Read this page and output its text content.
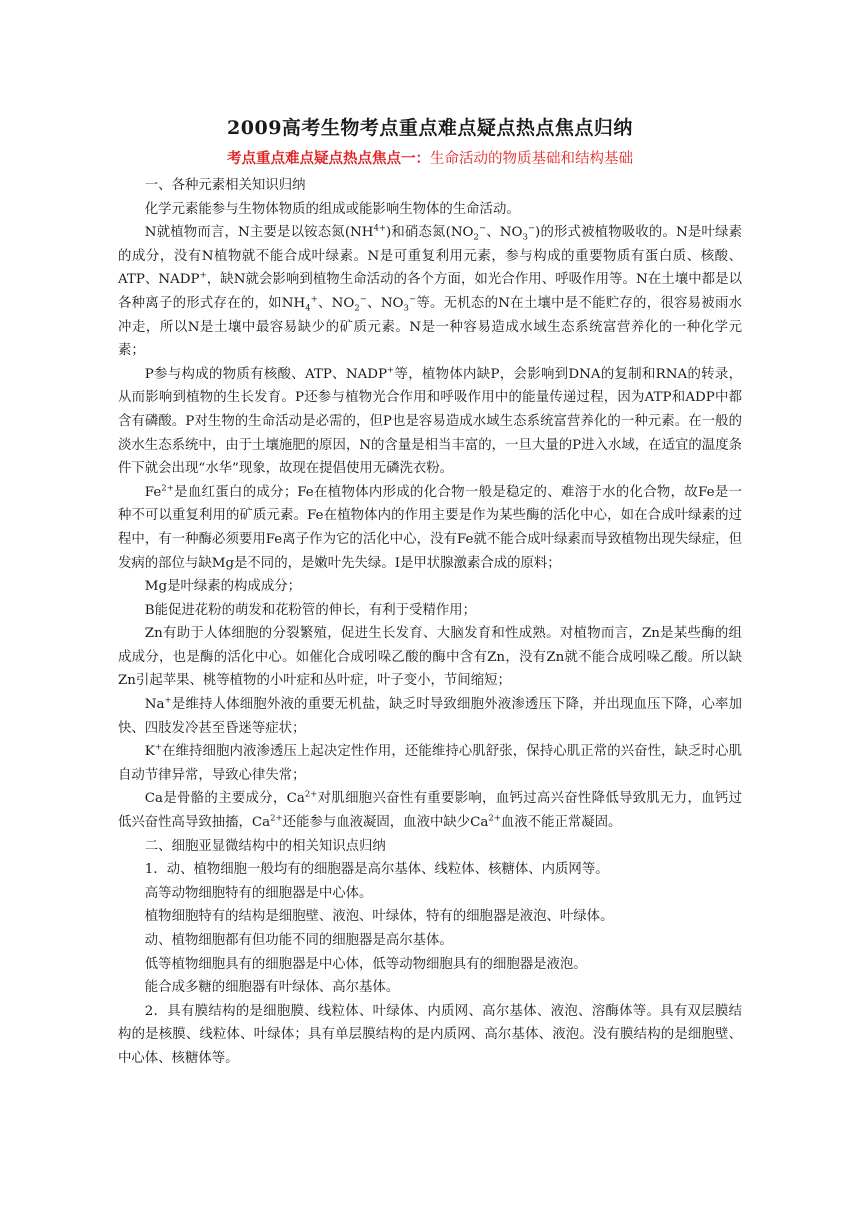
2009高考生物考点重点难点疑点热点焦点归纳
考点重点难点疑点热点焦点一：生命活动的物质基础和结构基础

一、各种元素相关知识归纳

化学元素能参与生物体物质的组成或能影响生物体的生命活动。

N就植物而言，N主要是以铵态氮$(NH^{4+})$和硝态氮($NO_2^-$、$NO_3^-$)的形式被植物吸收的。N是叶绿素的成分，没有N植物就不能合成叶绿素。N是可重复利用元素，参与构成的重要物质有蛋白质、核酸、ATP、NADP+，缺N就会影响到植物生命活动的各个方面，如光合作用、呼吸作用等。N在土壤中都是以各种离子的形式存在的，如$NH_4^+$、$NO_2^-$、$NO_3^-$等。无机态的N在土壤中是不能贮存的，很容易被雨水冲走，所以N是土壤中最容易缺少的矿质元素。N是一种容易造成水域生态系统富营养化的一种化学元素；

P参与构成的物质有核酸、ATP、NADP+等，植物体内缺P，会影响到DNA的复制和RNA的转录，从而影响到植物的生长发育。P还参与植物光合作用和呼吸作用中的能量传递过程，因为ATP和ADP中都含有磷酸。P对生物的生命活动是必需的，但P也是容易造成水域生态系统富营养化的一种元素。在一般的淡水生态系统中，由于土壤施肥的原因，N的含量是相当丰富的，一旦大量的P进入水域，在适宜的温度条件下就会出现“水华”现象，故现在提倡使用无磷洗衣粉。

$Fe^{2+}$是血红蛋白的成分；Fe在植物体内形成的化合物一般是稳定的、难溶于水的化合物，故Fe是一种不可以重复利用的矿质元素。Fe在植物体内的作用主要是作为某些酶的活化中心，如在合成叶绿素的过程中，有一种酶必须要用Fe离子作为它的活化中心，没有Fe就不能合成叶绿素而导致植物出现失绿症，但发病的部位与缺Mg是不同的，是嫩叶先失绿。I是甲状腺激素合成的原料；

Mg是叶绿素的构成成分；

B能促进花粉的萌发和花粉管的伸长，有利于受精作用；

Zn有助于人体细胞的分裂繁殖，促进生长发育、大脑发育和性成熟。对植物而言，Zn是某些酶的组成成分，也是酶的活化中心。如催化合成吲哚乙酸的酶中含有Zn，没有Zn就不能合成吲哚乙酸。所以缺Zn引起苹果、桃等植物的小叶症和丛叶症，叶子变小，节间缩短；

Na+是维持人体细胞外液的重要无机盐，缺乏时导致细胞外液渗透压下降，并出现血压下降，心率加快、四肢发冷甚至昏迷等症状；

K+在维持细胞内液渗透压上起决定性作用，还能维持心肌舒张，保持心肌正常的兴奋性，缺乏时心肌自动节律异常，导致心律失常；

Ca是骨骼的主要成分，$Ca^{2+}$对肌细胞兴奋性有重要影响，血钙过高兴奋性降低导致肌无力，血钙过低兴奋性高导致抽搐，$Ca^{2+}$还能参与血液凝固，血液中缺少$Ca^{2+}$血液不能正常凝固。

二、细胞亚显微结构中的相关知识点归纳

1．动、植物细胞一般均有的细胞器是高尔基体、线粒体、核糖体、内质网等。

高等动物细胞特有的细胞器是中心体。

植物细胞特有的结构是细胞壁、液泡、叶绿体，特有的细胞器是液泡、叶绿体。

动、植物细胞都有但功能不同的细胞器是高尔基体。

低等植物细胞具有的细胞器是中心体，低等动物细胞具有的细胞器是液泡。

能合成多糖的细胞器有叶绿体、高尔基体。

2．具有膜结构的是细胞膜、线粒体、叶绿体、内质网、高尔基体、液泡、溶酶体等。具有双层膜结构的是核膜、线粒体、叶绿体；具有单层膜结构的是内质网、高尔基体、液泡。没有膜结构的是细胞壁、中心体、核糖体等。
